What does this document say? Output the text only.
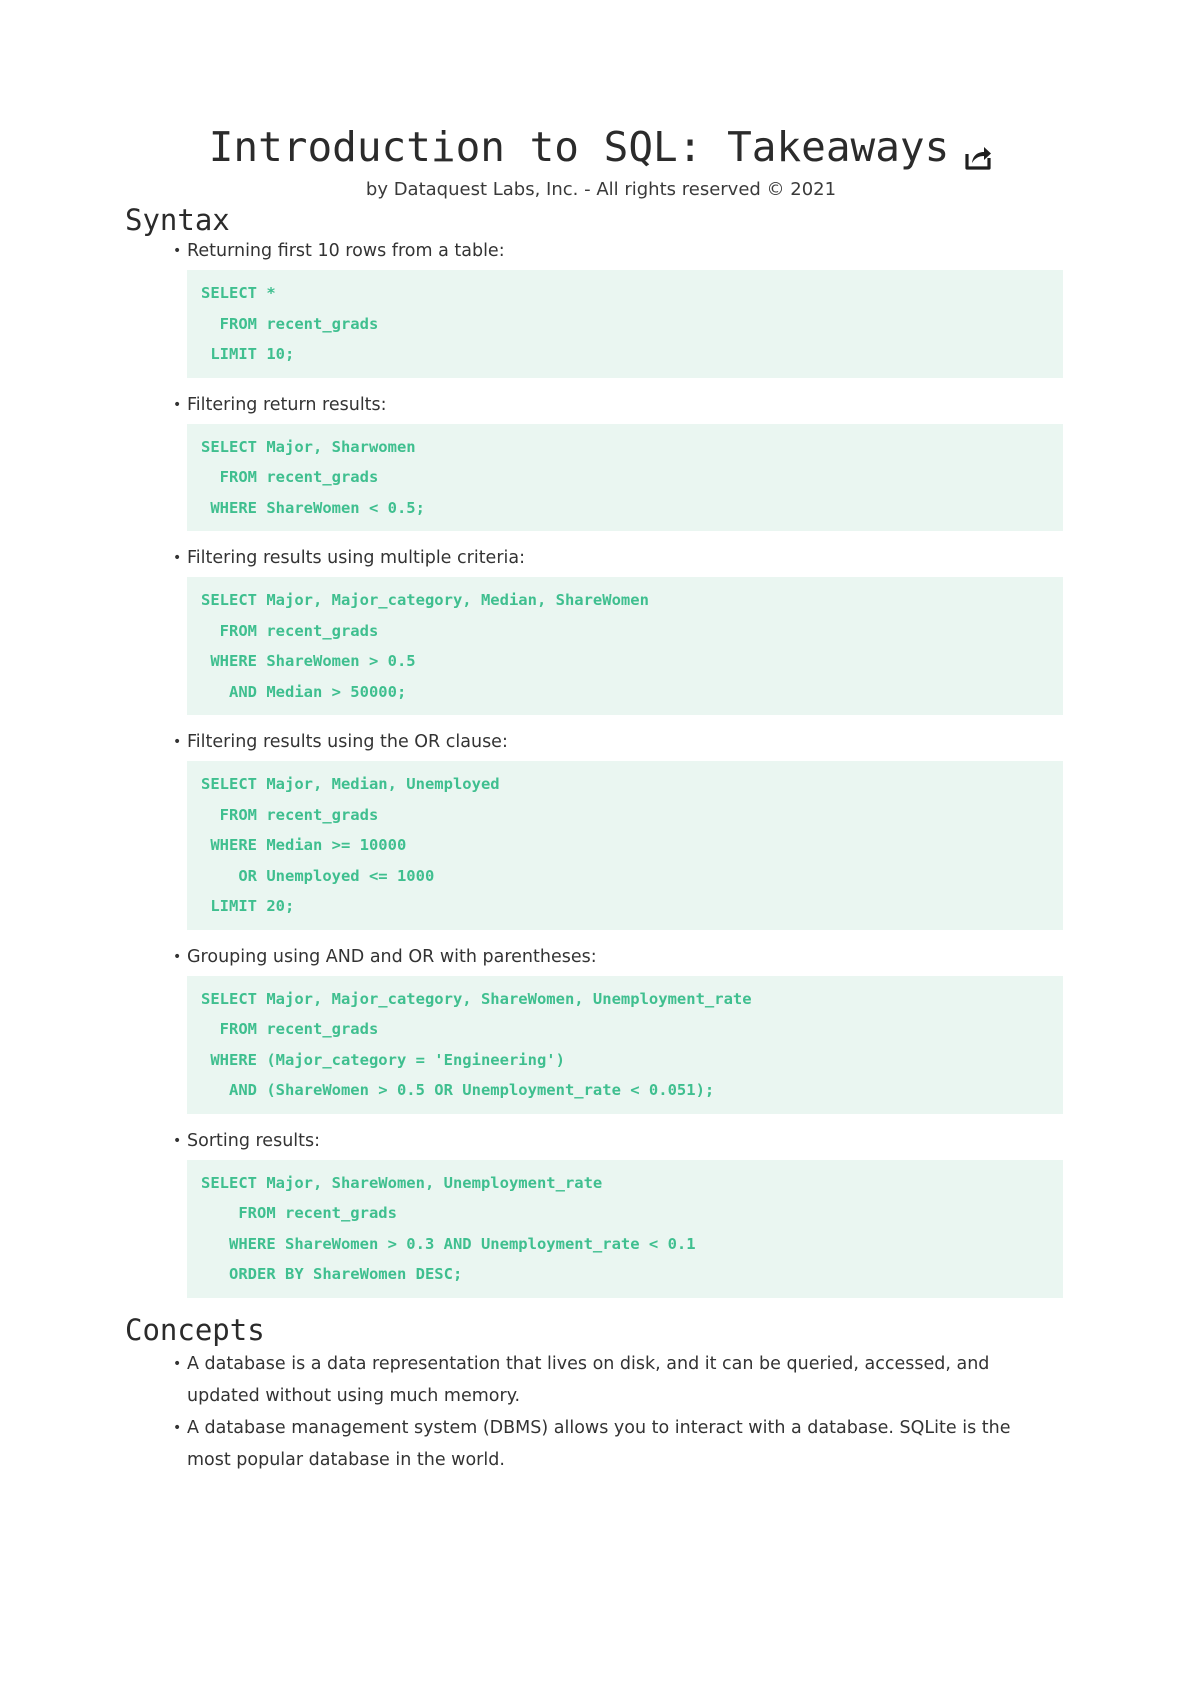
Introduction to SQL: Takeaways
by Dataquest Labs, Inc. - All rights reserved © 2021
Syntax
• Returning first 10 rows from a table:
SELECT *
FROM recent_grads
LIMIT 10;
• Filtering return results:
SELECT Major, Sharwomen
FROM recent_grads
WHERE ShareWomen < 0.5;
• Filtering results using multiple criteria:
SELECT Major, Major_category, Median, ShareWomen
FROM recent_grads
WHERE ShareWomen > 0.5
AND Median > 50000;
• Filtering results using the OR clause:
SELECT Major, Median, Unemployed
FROM recent_grads
WHERE Median >= 10000
OR Unemployed <= 1000
LIMIT 20;
• Grouping using AND and OR with parentheses:
SELECT Major, Major_category, ShareWomen, Unemployment_rate
FROM recent_grads
WHERE (Major_category = 'Engineering')
AND (ShareWomen > 0.5 OR Unemployment_rate < 0.051);
• Sorting results:
SELECT Major, ShareWomen, Unemployment_rate
FROM recent_grads
WHERE ShareWomen > 0.3 AND Unemployment_rate < 0.1
ORDER BY ShareWomen DESC;
Concepts
• A database is a data representation that lives on disk, and it can be queried, accessed, and updated without using much memory.
• A database management system (DBMS) allows you to interact with a database. SQLite is the most popular database in the world.
